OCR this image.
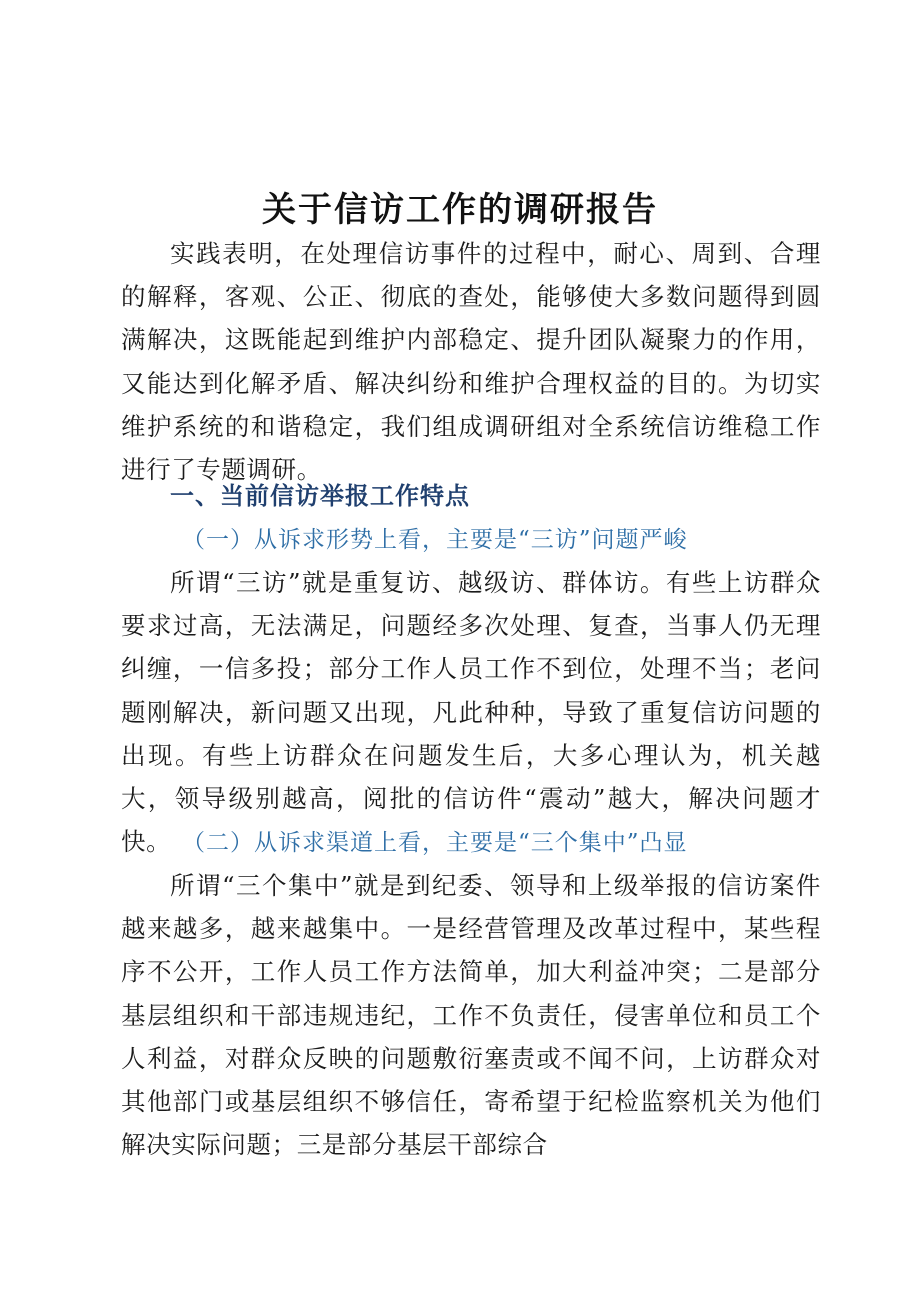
关于信访工作的调研报告

实践表明，在处理信访事件的过程中，耐心、周到、合理的解释，客观、公正、彻底的查处，能够使大多数问题得到圆满解决，这既能起到维护内部稳定、提升团队凝聚力的作用，又能达到化解矛盾、解决纠纷和维护合理权益的目的。为切实维护系统的和谐稳定，我们组成调研组对全系统信访维稳工作进行了专题调研。

一、当前信访举报工作特点
（一）从诉求形势上看，主要是“三访”问题严峻

所谓“三访”就是重复访、越级访、群体访。有些上访群众要求过高，无法满足，问题经多次处理、复查，当事人仍无理纠缠，一信多投；部分工作人员工作不到位，处理不当；老问题刚解决，新问题又出现，凡此种种，导致了重复信访问题的出现。有些上访群众在问题发生后，大多心理认为，机关越大，领导级别越高，阅批的信访件“震动”越大，解决问题才快。 （二）从诉求渠道上看，主要是“三个集中”凸显

所谓“三个集中”就是到纪委、领导和上级举报的信访案件越来越多，越来越集中。一是经营管理及改革过程中，某些程序不公开，工作人员工作方法简单，加大利益冲突；二是部分基层组织和干部违规违纪，工作不负责任，侵害单位和员工个人利益，对群众反映的问题敷衍塞责或不闻不问，上访群众对其他部门或基层组织不够信任，寄希望于纪检监察机关为他们解决实际问题；三是部分基层干部综合
